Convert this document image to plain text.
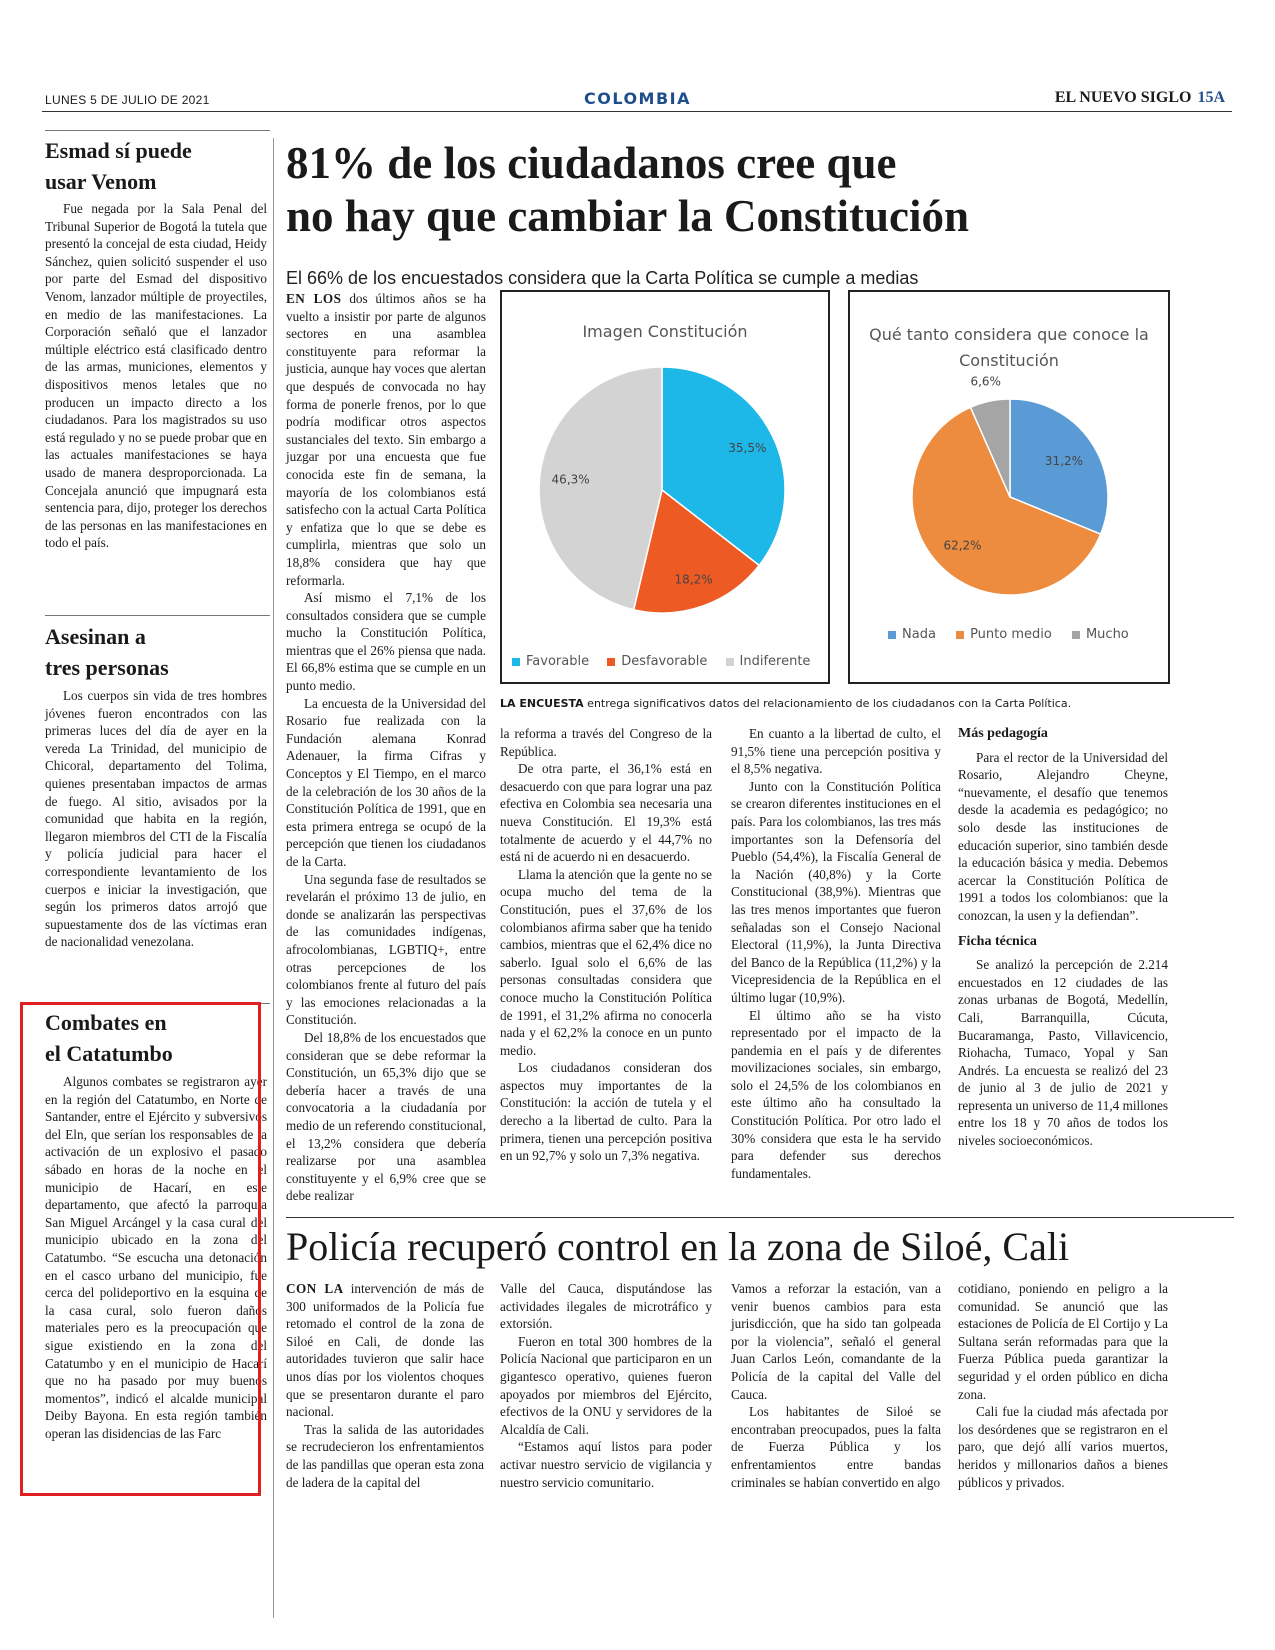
LUNES 5 DE JULIO DE 2021	COLOMBIA	EL NUEVO SIGLO 15A
Esmad sí puede
usar Venom
Fue negada por la Sala Penal del Tribunal Superior de Bogotá la tutela que presentó la concejal de esta ciudad, Heidy Sánchez, quien solicitó suspender el uso por parte del Esmad del dispositivo Venom, lanzador múltiple de proyectiles, en medio de las manifestaciones. La Corporación señaló que el lanzador múltiple eléctrico está clasificado dentro de las armas, municiones, elementos y dispositivos menos letales que no producen un impacto directo a los ciudadanos. Para los magistrados su uso está regulado y no se puede probar que en las actuales manifestaciones se haya usado de manera desproporcionada. La Concejala anunció que impugnará esta sentencia para, dijo, proteger los derechos de las personas en las manifestaciones en todo el país.
Asesinan a
tres personas
Los cuerpos sin vida de tres hombres jóvenes fueron encontrados con las primeras luces del día de ayer en la vereda La Trinidad, del municipio de Chicoral, departamento del Tolima, quienes presentaban impactos de armas de fuego. Al sitio, avisados por la comunidad que habita en la región, llegaron miembros del CTI de la Fiscalía y policía judicial para hacer el correspondiente levantamiento de los cuerpos e iniciar la investigación, que según los primeros datos arrojó que supuestamente dos de las víctimas eran de nacionalidad venezolana.
Combates en
el Catatumbo
Algunos combates se registraron ayer en la región del Catatumbo, en Norte de Santander, entre el Ejército y subversivos del Eln, que serían los responsables de la activación de un explosivo el pasado sábado en horas de la noche en el municipio de Hacarí, en este departamento, que afectó la parroquia San Miguel Arcángel y la casa cural del municipio ubicado en la zona del Catatumbo. “Se escucha una detonación en el casco urbano del municipio, fue cerca del polideportivo en la esquina de la casa cural, solo fueron daños materiales pero es la preocupación que sigue existiendo en la zona del Catatumbo y en el municipio de Hacarí que no ha pasado por muy buenos momentos”, indicó el alcalde municipal Deiby Bayona. En esta región también operan las disidencias de las Farc
81% de los ciudadanos cree que
no hay que cambiar la Constitución
El 66% de los encuestados considera que la Carta Política se cumple a medias

EN LOS dos últimos años se ha vuelto a insistir por parte de algunos sectores en una asamblea constituyente para reformar la justicia, aunque hay voces que alertan que después de convocada no hay forma de ponerle frenos, por lo que podría modificar otros aspectos sustanciales del texto. Sin embargo a juzgar por una encuesta que fue conocida este fin de semana, la mayoría de los colombianos está satisfecho con la actual Carta Política y enfatiza que lo que se debe es cumplirla, mientras que solo un 18,8% considera que hay que reformarla.

Así mismo el 7,1% de los consultados considera que se cumple mucho la Constitución Política, mientras que el 26% piensa que nada. El 66,8% estima que se cumple en un punto medio.

La encuesta de la Universidad del Rosario fue realizada con la Fundación alemana Konrad Adenauer, la firma Cifras y Conceptos y El Tiempo, en el marco de la celebración de los 30 años de la Constitución Política de 1991, que en esta primera entrega se ocupó de la percepción que tienen los ciudadanos de la Carta.

Una segunda fase de resultados se revelarán el próximo 13 de julio, en donde se analizarán las perspectivas de las comunidades indígenas, afrocolombianas, LGBTIQ+, entre otras percepciones de los colombianos frente al futuro del país y las emociones relacionadas a la Constitución.

Del 18,8% de los encuestados que consideran que se debe reformar la Constitución, un 65,3% dijo que se debería hacer a través de una convocatoria a la ciudadanía por medio de un referendo constitucional, el 13,2% considera que debería realizarse por una asamblea constituyente y el 6,9% cree que se debe realizar

la reforma a través del Congreso de la República.

De otra parte, el 36,1% está en desacuerdo con que para lograr una paz efectiva en Colombia sea necesaria una nueva Constitución. El 19,3% está totalmente de acuerdo y el 44,7% no está ni de acuerdo ni en desacuerdo.

Llama la atención que la gente no se ocupa mucho del tema de la Constitución, pues el 37,6% de los colombianos afirma saber que ha tenido cambios, mientras que el 62,4% dice no saberlo. Igual solo el 6,6% de las personas consultadas considera que conoce mucho la Constitución Política de 1991, el 31,2% afirma no conocerla nada y el 62,2% la conoce en un punto medio.

Los ciudadanos consideran dos aspectos muy importantes de la Constitución: la acción de tutela y el derecho a la libertad de culto. Para la primera, tienen una percepción positiva en un 92,7% y solo un 7,3% negativa.

En cuanto a la libertad de culto, el 91,5% tiene una percepción positiva y el 8,5% negativa.

Junto con la Constitución Política se crearon diferentes instituciones en el país. Para los colombianos, las tres más importantes son la Defensoría del Pueblo (54,4%), la Fiscalía General de la Nación (40,8%) y la Corte Constitucional (38,9%). Mientras que las tres menos importantes que fueron señaladas son el Consejo Nacional Electoral (11,9%), la Junta Directiva del Banco de la República (11,2%) y la Vicepresidencia de la República en el último lugar (10,9%).

El último año se ha visto representado por el impacto de la pandemia en el país y de diferentes movilizaciones sociales, sin embargo, solo el 24,5% de los colombianos en este último año ha consultado la Constitución Política. Por otro lado el 30% considera que esta le ha servido para defender sus derechos fundamentales.

Más pedagogía

Para el rector de la Universidad del Rosario, Alejandro Cheyne, “nuevamente, el desafío que tenemos desde la academia es pedagógico; no solo desde las instituciones de educación superior, sino también desde la educación básica y media. Debemos acercar la Constitución Política de 1991 a todos los colombianos: que la conozcan, la usen y la defiendan”.

Ficha técnica

Se analizó la percepción de 2.214 encuestados en 12 ciudades de las zonas urbanas de Bogotá, Medellín, Cali, Barranquilla, Cúcuta, Bucaramanga, Pasto, Villavicencio, Riohacha, Tumaco, Yopal y San Andrés. La encuesta se realizó del 23 de junio al 3 de julio de 2021 y representa un universo de 11,4 millones entre los 18 y 70 años de todos los niveles socioeconómicos.

Imagen Constitución
35,5%
18,2%
46,3%
Favorable Desfavorable Indiferente
Qué tanto considera que conoce la
Constitución
31,2%
62,2%
6,6%
Nada	Punto medio	Mucho
LA ENCUESTA entrega significativos datos del relacionamiento de los ciudadanos con la Carta Política.
Policía recuperó control en la zona de Siloé, Cali

CON LA intervención de más de 300 uniformados de la Policía fue retomado el control de la zona de Siloé en Cali, de donde las autoridades tuvieron que salir hace unos días por los violentos choques que se presentaron durante el paro nacional.

Tras la salida de las autoridades se recrudecieron los enfrentamientos de las pandillas que operan esta zona de ladera de la capital del

Valle del Cauca, disputándose las actividades ilegales de microtráfico y extorsión.

Fueron en total 300 hombres de la Policía Nacional que participaron en un gigantesco operativo, quienes fueron apoyados por miembros del Ejército, efectivos de la ONU y servidores de la Alcaldía de Cali.

“Estamos aquí listos para poder activar nuestro servicio de vigilancia y nuestro servicio comunitario.

Vamos a reforzar la estación, van a venir buenos cambios para esta jurisdicción, que ha sido tan golpeada por la violencia”, señaló el general Juan Carlos León, comandante de la Policía de la capital del Valle del Cauca.

Los habitantes de Siloé se encontraban preocupados, pues la falta de Fuerza Pública y los enfrentamientos entre bandas criminales se habían convertido en algo

cotidiano, poniendo en peligro a la comunidad. Se anunció que las estaciones de Policía de El Cortijo y La Sultana serán reformadas para que la Fuerza Pública pueda garantizar la seguridad y el orden público en dicha zona.

Cali fue la ciudad más afectada por los desórdenes que se registraron en el paro, que dejó allí varios muertos, heridos y millonarios daños a bienes públicos y privados.
